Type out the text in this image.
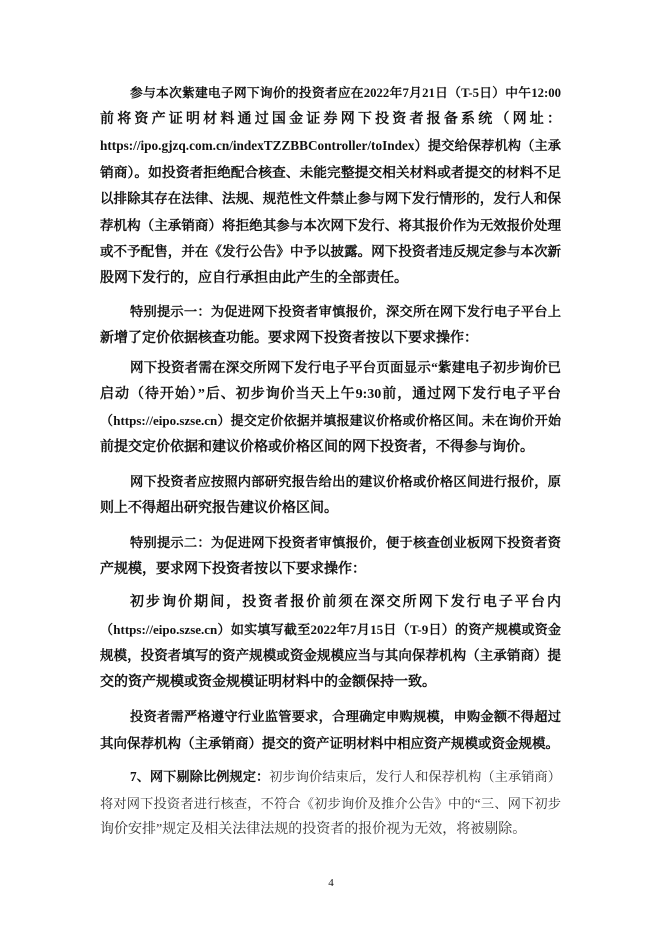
参与本次紫建电子网下询价的投资者应在2022年7月21日（T-5日）中午12:00
前将资产证明材料通过国金证券网下投资者报备系统（网址：
https://ipo.gjzq.com.cn/indexTZZBBController/toIndex）提交给保荐机构（主承
销商）。如投资者拒绝配合核查、未能完整提交相关材料或者提交的材料不足
以排除其存在法律、法规、规范性文件禁止参与网下发行情形的，发行人和保
荐机构（主承销商）将拒绝其参与本次网下发行、将其报价作为无效报价处理
或不予配售，并在《发行公告》中予以披露。网下投资者违反规定参与本次新
股网下发行的，应自行承担由此产生的全部责任。
特别提示一：为促进网下投资者审慎报价，深交所在网下发行电子平台上
新增了定价依据核查功能。要求网下投资者按以下要求操作：
网下投资者需在深交所网下发行电子平台页面显示“紫建电子初步询价已
启动（待开始）”后、初步询价当天上午9:30前，通过网下发行电子平台
（https://eipo.szse.cn）提交定价依据并填报建议价格或价格区间。未在询价开始
前提交定价依据和建议价格或价格区间的网下投资者，不得参与询价。
网下投资者应按照内部研究报告给出的建议价格或价格区间进行报价，原
则上不得超出研究报告建议价格区间。
特别提示二：为促进网下投资者审慎报价，便于核查创业板网下投资者资
产规模，要求网下投资者按以下要求操作：
初步询价期间，投资者报价前须在深交所网下发行电子平台内
（https://eipo.szse.cn）如实填写截至2022年7月15日（T-9日）的资产规模或资金
规模，投资者填写的资产规模或资金规模应当与其向保荐机构（主承销商）提
交的资产规模或资金规模证明材料中的金额保持一致。
投资者需严格遵守行业监管要求，合理确定申购规模，申购金额不得超过
其向保荐机构（主承销商）提交的资产证明材料中相应资产规模或资金规模。
7、网下剔除比例规定：初步询价结束后，发行人和保荐机构（主承销商）
将对网下投资者进行核查，不符合《初步询价及推介公告》中的“三、网下初步
询价安排”规定及相关法律法规的投资者的报价视为无效，将被剔除。
4
